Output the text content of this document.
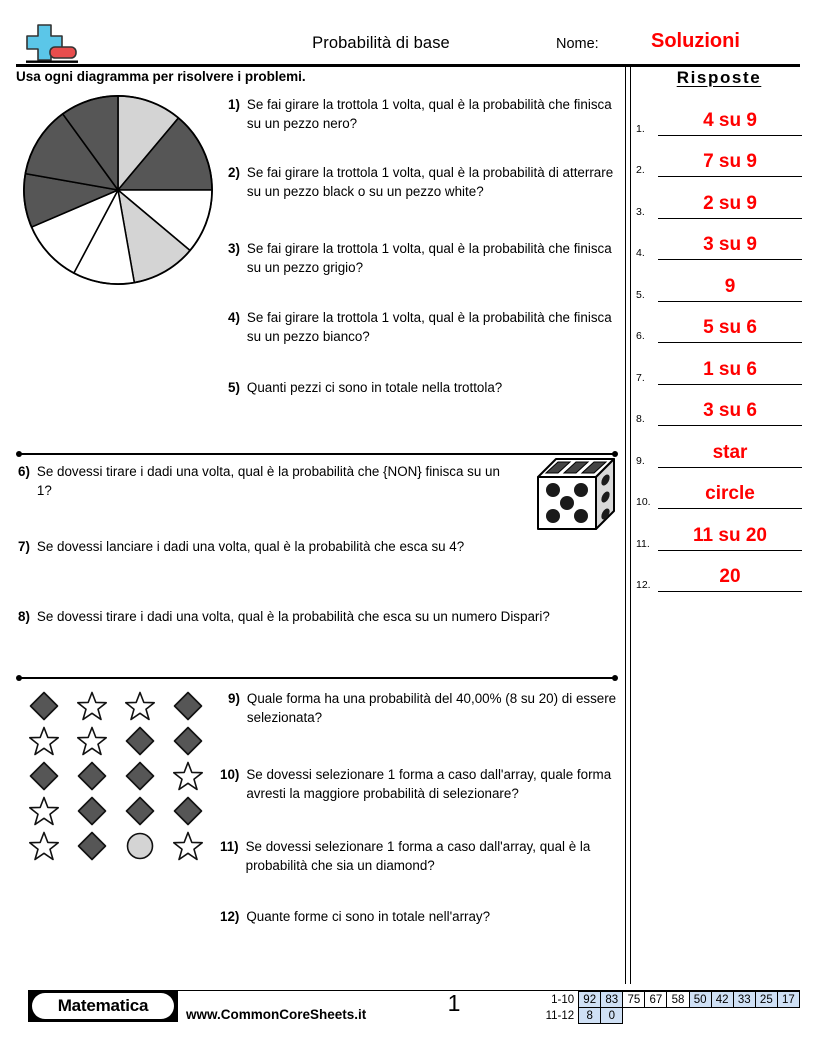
Probabilità di base	Nome:	Soluzioni
Usa ogni diagramma per risolvere i problemi.	Risposte
1.	4 su 9
2.	7 su 9
3.	2 su 9
4.	3 su 9
5.	9
6.	5 su 6
7.	1 su 6
8.	3 su 6
9.	star
10.	circle
11.	11 su 20
12.	20
1) Se fai girare la trottola 1 volta, qual è la probabilità che finisca su un pezzo nero?
2) Se fai girare la trottola 1 volta, qual è la probabilità di atterrare su un pezzo black o su un pezzo white?
3) Se fai girare la trottola 1 volta, qual è la probabilità che finisca su un pezzo grigio?
4) Se fai girare la trottola 1 volta, qual è la probabilità che finisca su un pezzo bianco?
5) Quanti pezzi ci sono in totale nella trottola?
6) Se dovessi tirare i dadi una volta, qual è la probabilità che {NON} finisca su un 1?
7) Se dovessi lanciare i dadi una volta, qual è la probabilità che esca su 4?
8) Se dovessi tirare i dadi una volta, qual è la probabilità che esca su un numero Dispari?
9) Quale forma ha una probabilità del 40,00% (8 su 20) di essere selezionata?
10) Se dovessi selezionare 1 forma a caso dall'array, quale forma avresti la maggiore probabilità di selezionare?
11) Se dovessi selezionare 1 forma a caso dall'array, qual è la probabilità che sia un diamond?
12) Quante forme ci sono in totale nell'array?
Matematica	www.CommonCoreSheets.it	1	1-10	92	83	75	67	58	50	42	33	25	17
11-12	8	0								
